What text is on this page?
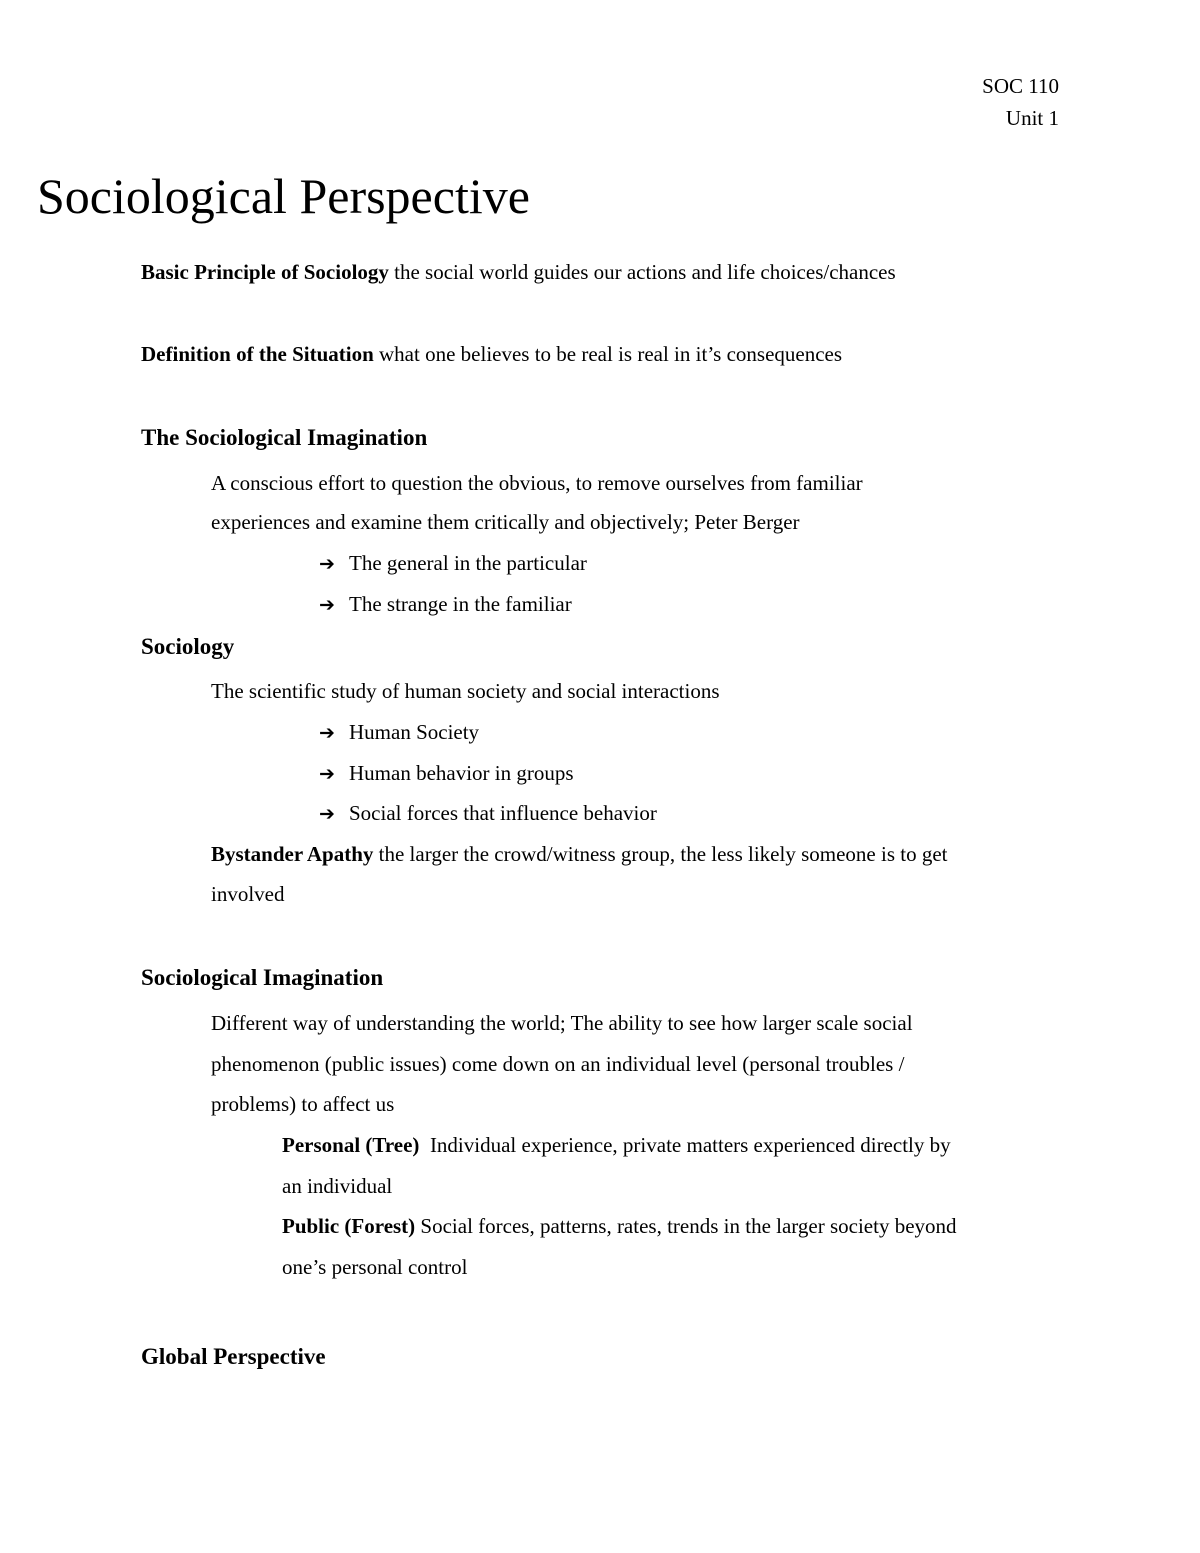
SOC 110
Unit 1
Sociological Perspective
Basic Principle of Sociology the social world guides our actions and life choices/chances
Definition of the Situation what one believes to be real is real in it’s consequences
The Sociological Imagination
A conscious effort to question the obvious, to remove ourselves from familiar
experiences and examine them critically and objectively; Peter Berger
➔ The general in the particular
➔ The strange in the familiar
Sociology
The scientific study of human society and social interactions
➔ Human Society
➔ Human behavior in groups
➔ Social forces that influence behavior
Bystander Apathy the larger the crowd/witness group, the less likely someone is to get
involved
Sociological Imagination
Different way of understanding the world; The ability to see how larger scale social
phenomenon (public issues) come down on an individual level (personal troubles /
problems) to affect us
Personal (Tree)  Individual experience, private matters experienced directly by
an individual
Public (Forest) Social forces, patterns, rates, trends in the larger society beyond
one’s personal control
Global Perspective
